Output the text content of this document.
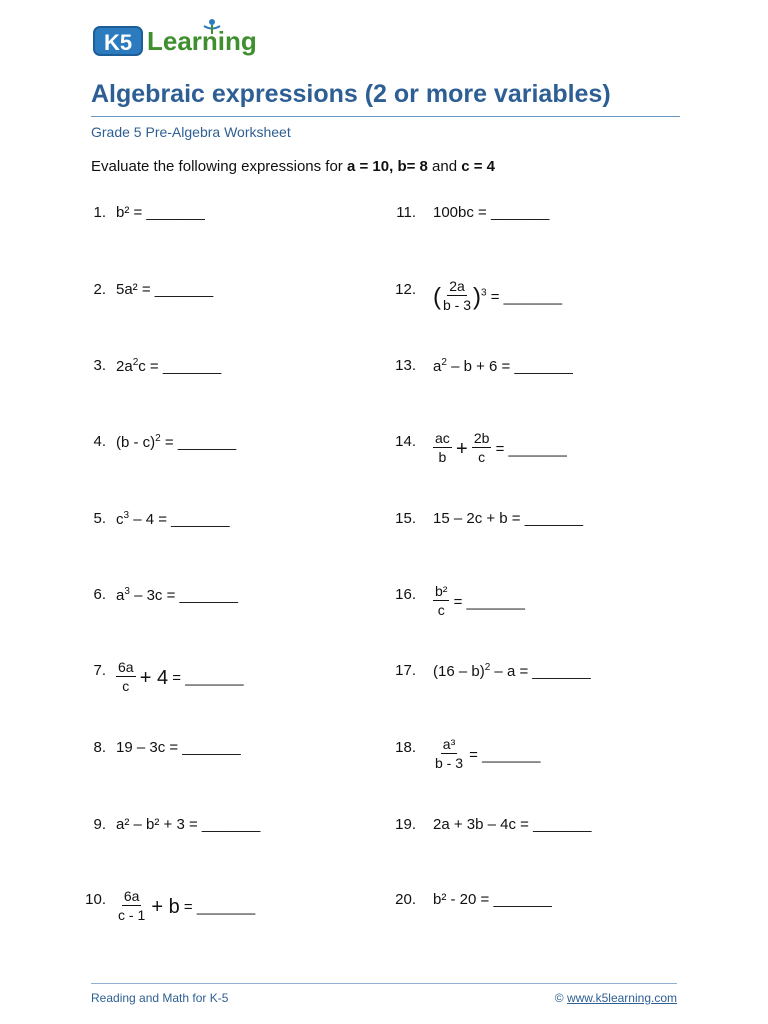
K5 Learning
Algebraic expressions (2 or more variables)
Grade 5 Pre-Algebra Worksheet
Evaluate the following expressions for a = 10, b= 8 and c = 4
1. b² = _______
2. 5a² = _______
3. $2a^2c$ = _______
4. (b - c)$^2$ = _______
5. $c^3 - 4$ = _______
6. $a^3 - 3c$ = _______
7. $\frac{6a}{c} + 4$ = _______
8. 19 – 3c = _______
9. a² – b² + 3 = _______
10. $\frac{6a}{c - 1} + b$ = _______
11. 100bc = _______
12. ( $\frac{2a}{b - 3} )^3$ = _______
13. $a^2 - b + 6$ = _______
14. $\frac{ac}{b} + \frac{2b}{c}$ = _______
15. 15 – 2c + b = _______
16. $\frac{\text{b²}}{c}$ = _______
17. (16 – b)$^2$ – a = _______
18. $\frac{\text{a³}}{b - 3}$ = _______
19. 2a + 3b – 4c = _______
20. b² - 20 = _______
Reading and Math for K-5	© www.k5learning.com
